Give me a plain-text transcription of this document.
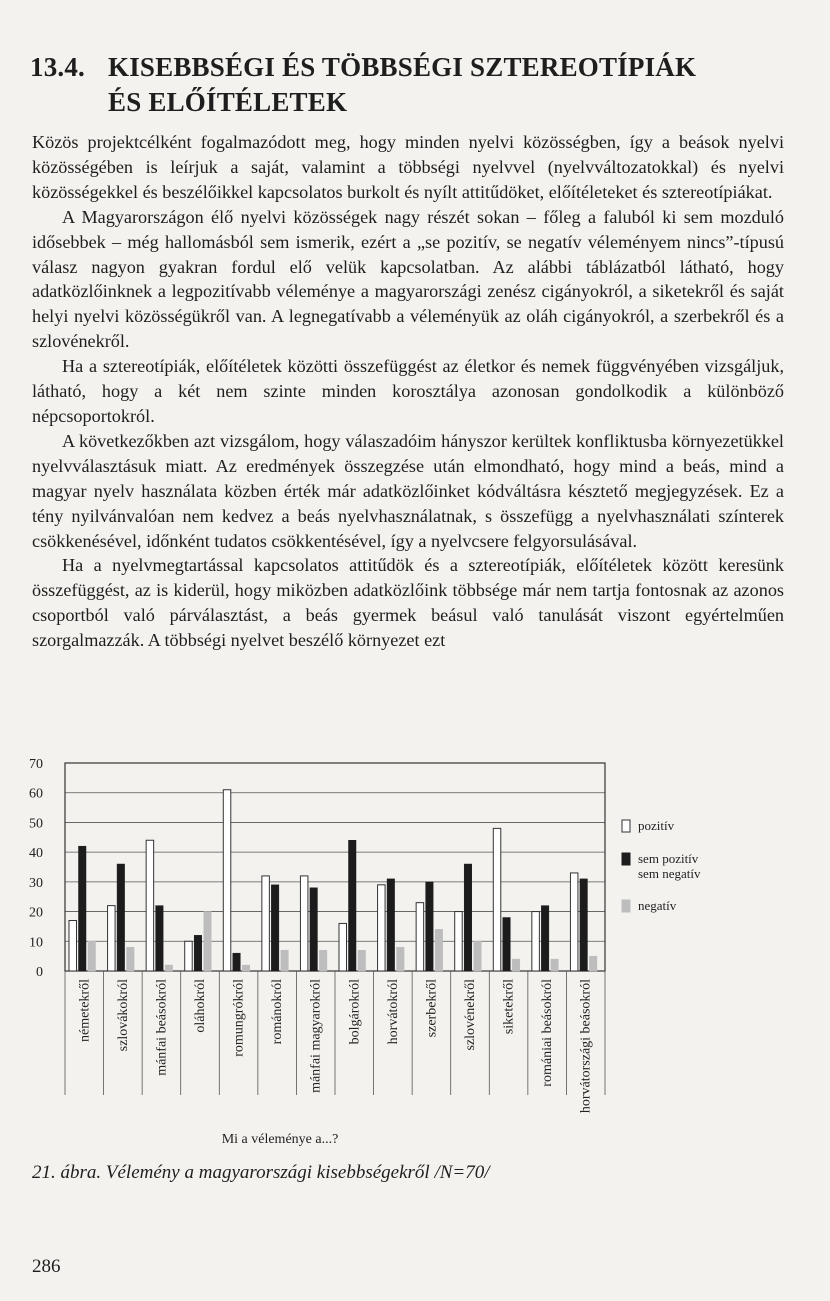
13.4. KISEBBSÉGI ÉS TÖBBSÉGI SZTEREOTÍPIÁK
ÉS ELŐÍTÉLETEK

Közös projektcélként fogalmazódott meg, hogy minden nyelvi közösségben, így a beások nyelvi közösségében is leírjuk a saját, valamint a többségi nyelvvel (nyelvváltozatokkal) és nyelvi közösségekkel és beszélőikkel kapcsolatos burkolt és nyílt attitűdöket, előítéleteket és sztereotípiákat.

A Magyarországon élő nyelvi közösségek nagy részét sokan – főleg a faluból ki sem mozduló idősebbek – még hallomásból sem ismerik, ezért a „se pozitív, se negatív véleményem nincs”-típusú válasz nagyon gyakran fordul elő velük kapcsolatban. Az alábbi táblázatból látható, hogy adatközlőinknek a legpozitívabb véleménye a magyarországi zenész cigányokról, a siketekről és saját helyi nyelvi közösségükről van. A legnegatívabb a véleményük az oláh cigányokról, a szerbekről és a szlovénekről.

Ha a sztereotípiák, előítéletek közötti összefüggést az életkor és nemek függvényében vizsgáljuk, látható, hogy a két nem szinte minden korosztálya azonosan gondolkodik a különböző népcsoportokról.

A következőkben azt vizsgálom, hogy válaszadóim hányszor kerültek konfliktusba környezetükkel nyelvválasztásuk miatt. Az eredmények összegzése után elmondható, hogy mind a beás, mind a magyar nyelv használata közben érték már adatközlőinket kódváltásra késztető megjegyzések. Ez a tény nyilvánvalóan nem kedvez a beás nyelvhasználatnak, s összefügg a nyelvhasználati színterek csökkenésével, időnként tudatos csökkentésével, így a nyelvcsere felgyorsulásával.

Ha a nyelvmegtartással kapcsolatos attitűdök és a sztereotípiák, előítéletek között keresünk összefüggést, az is kiderül, hogy miközben adatközlőink többsége már nem tartja fontosnak az azonos csoportból való párválasztást, a beás gyermek beásul való tanulását viszont egyértelműen szorgalmazzák. A többségi nyelvet beszélő környezet ezt

0
10
20
30
40
50
60
70
németekről szlovákokról mánfai beásokról oláhokról romungrókról románokról mánfai magyarokról bolgárokról horvátokról szerbekről szlovénekről siketekről romániai beásokról horvátországi beásokról
Mi a véleménye a...?
pozitív
sem pozitív
sem negatív
negatív
21. ábra. Vélemény a magyarországi kisebbségekről /N=70/
286
